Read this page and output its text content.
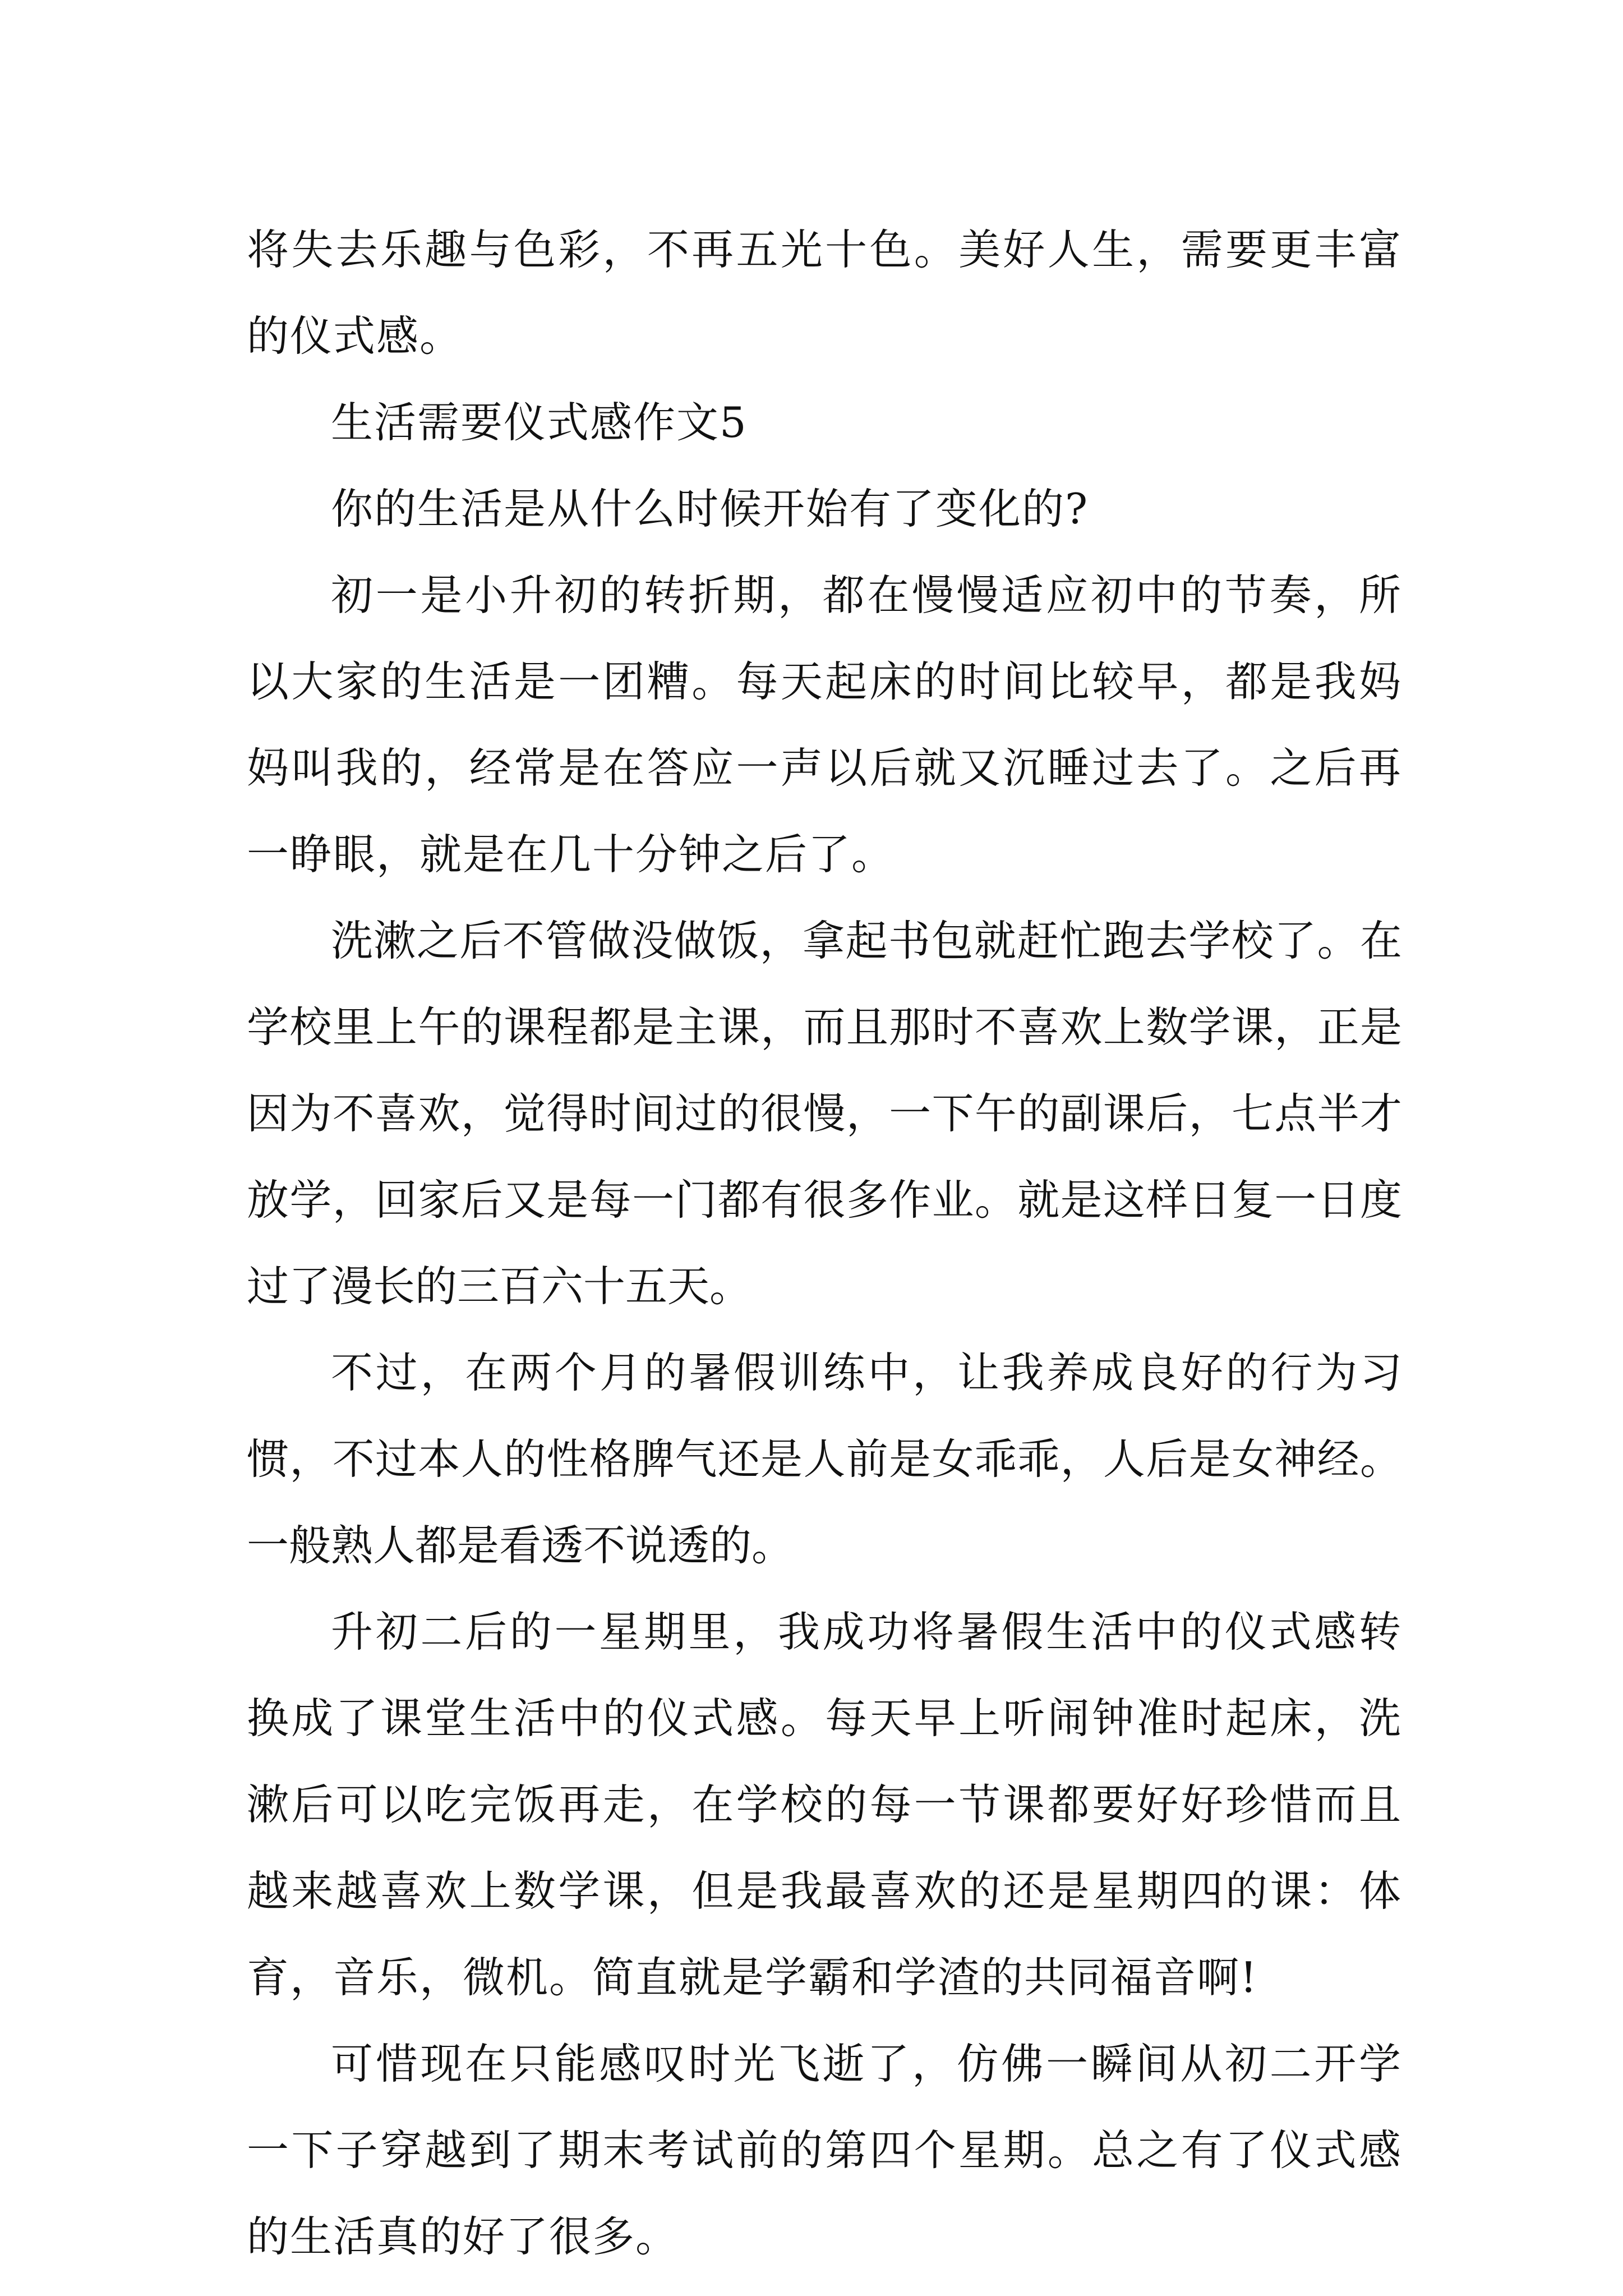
将失去乐趣与色彩，不再五光十色。美好人生，需要更丰富的仪式感。

生活需要仪式感作文5

你的生活是从什么时候开始有了变化的?

初一是小升初的转折期，都在慢慢适应初中的节奏，所以大家的生活是一团糟。每天起床的时间比较早，都是我妈妈叫我的，经常是在答应一声以后就又沉睡过去了。之后再一睁眼，就是在几十分钟之后了。

洗漱之后不管做没做饭，拿起书包就赶忙跑去学校了。在学校里上午的课程都是主课，而且那时不喜欢上数学课，正是因为不喜欢，觉得时间过的很慢，一下午的副课后，七点半才放学，回家后又是每一门都有很多作业。就是这样日复一日度过了漫长的三百六十五天。

不过，在两个月的暑假训练中，让我养成良好的行为习惯，不过本人的性格脾气还是人前是女乖乖，人后是女神经。一般熟人都是看透不说透的。

升初二后的一星期里，我成功将暑假生活中的仪式感转换成了课堂生活中的仪式感。每天早上听闹钟准时起床，洗漱后可以吃完饭再走，在学校的每一节课都要好好珍惜而且越来越喜欢上数学课，但是我最喜欢的还是星期四的课：体育，音乐，微机。简直就是学霸和学渣的共同福音啊!

可惜现在只能感叹时光飞逝了，仿佛一瞬间从初二开学一下子穿越到了期末考试前的第四个星期。总之有了仪式感的生活真的好了很多。
